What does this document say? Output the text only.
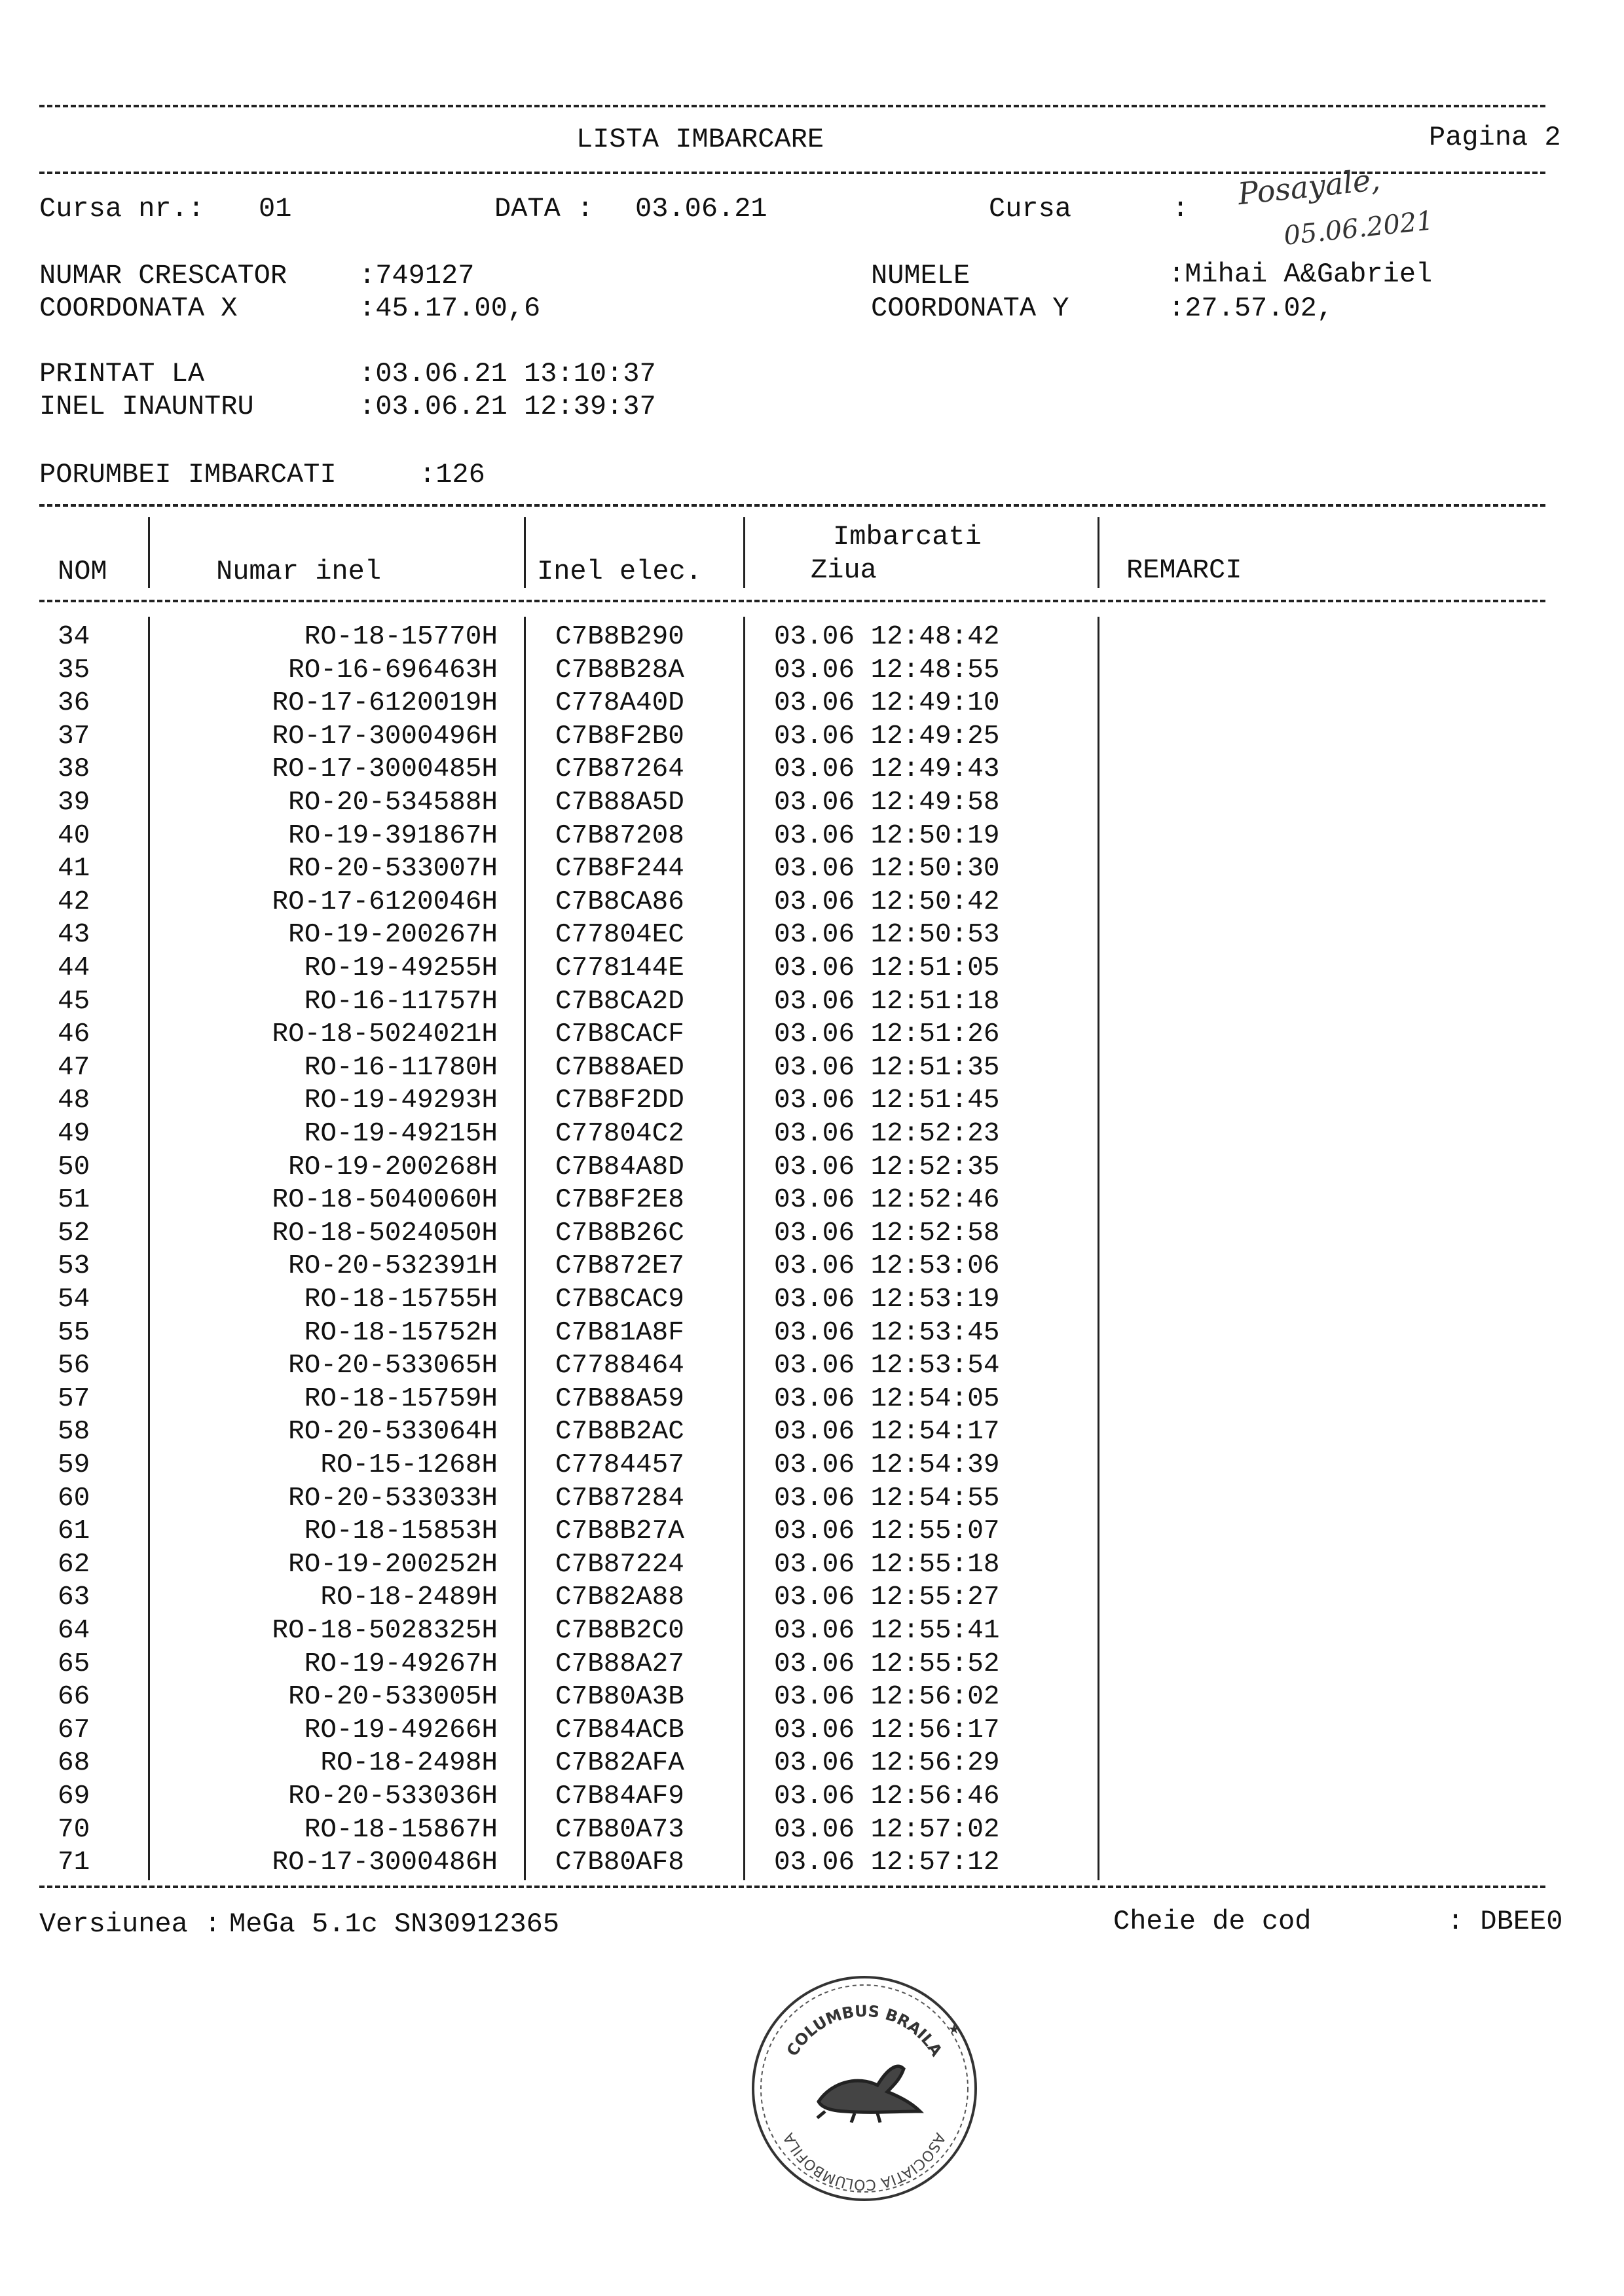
LISTA IMBARCARE	Pagina 2
Cursa nr.: 01	DATA : 03.06.21	Cursa	: Posayale,
05.06.2021
NUMAR CRESCATOR	:749127	NUMELE	:Mihai A&Gabriel
COORDONATA X	:45.17.00,6	COORDONATA Y	:27.57.02,
PRINTAT LA	:03.06.21 13:10:37
INEL INAUNTRU	:03.06.21 12:39:37
PORUMBEI IMBARCATI	:126
NOM	Numar inel	Inel elec.
Imbarcati
Ziua	REMARCI
34	RO-18-15770H C7B8B290	03.06 12:48:42
35	RO-16-696463H C7B8B28A	03.06 12:48:55
36	RO-17-6120019H C778A40D	03.06 12:49:10
37	RO-17-3000496H C7B8F2B0	03.06 12:49:25
38	RO-17-3000485H C7B87264	03.06 12:49:43
39	RO-20-534588H C7B88A5D	03.06 12:49:58
40	RO-19-391867H C7B87208	03.06 12:50:19
41	RO-20-533007H C7B8F244	03.06 12:50:30
42	RO-17-6120046H C7B8CA86	03.06 12:50:42
43	RO-19-200267H C77804EC	03.06 12:50:53
44	RO-19-49255H C778144E	03.06 12:51:05
45	RO-16-11757H C7B8CA2D	03.06 12:51:18
46	RO-18-5024021H C7B8CACF	03.06 12:51:26
47	RO-16-11780H C7B88AED	03.06 12:51:35
48	RO-19-49293H C7B8F2DD	03.06 12:51:45
49	RO-19-49215H C77804C2	03.06 12:52:23
50	RO-19-200268H C7B84A8D	03.06 12:52:35
51	RO-18-5040060H C7B8F2E8	03.06 12:52:46
52	RO-18-5024050H C7B8B26C	03.06 12:52:58
53	RO-20-532391H C7B872E7	03.06 12:53:06
54	RO-18-15755H C7B8CAC9	03.06 12:53:19
55	RO-18-15752H C7B81A8F	03.06 12:53:45
56	RO-20-533065H C7788464	03.06 12:53:54
57	RO-18-15759H C7B88A59	03.06 12:54:05
58	RO-20-533064H C7B8B2AC	03.06 12:54:17
59	RO-15-1268H C7784457	03.06 12:54:39
60	RO-20-533033H C7B87284	03.06 12:54:55
61	RO-18-15853H C7B8B27A	03.06 12:55:07
62	RO-19-200252H C7B87224	03.06 12:55:18
63	RO-18-2489H C7B82A88	03.06 12:55:27
64	RO-18-5028325H C7B8B2C0	03.06 12:55:41
65	RO-19-49267H C7B88A27	03.06 12:55:52
66	RO-20-533005H C7B80A3B	03.06 12:56:02
67	RO-19-49266H C7B84ACB	03.06 12:56:17
68	RO-18-2498H C7B82AFA	03.06 12:56:29
69	RO-20-533036H C7B84AF9	03.06 12:56:46
70	RO-18-15867H C7B80A73	03.06 12:57:02
71	RO-17-3000486H C7B80AF8	03.06 12:57:12
Versiunea : MeGa 5.1c SN30912365	Cheie de cod	: DBEE0
COLUMBUS BRAILA
ASOCIATIA COLUMBOFILA
★
